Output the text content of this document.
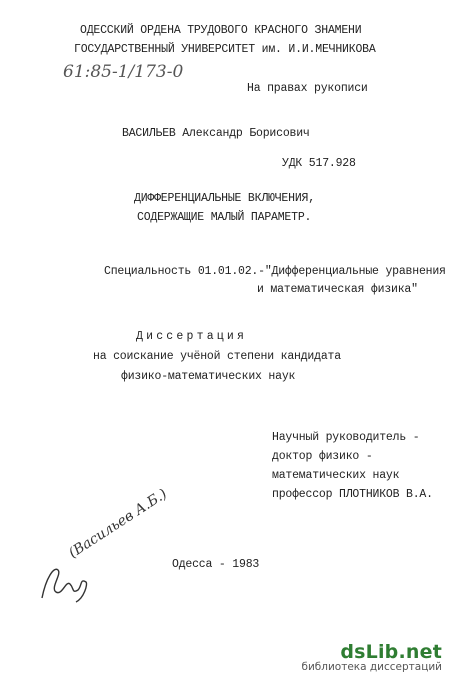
ОДЕССКИЙ ОРДЕНА ТРУДОВОГО КРАСНОГО ЗНАМЕНИ
ГОСУДАРСТВЕННЫЙ УНИВЕРСИТЕТ им. И.И.МЕЧНИКОВА
61:85-1/173-0
На правах рукописи
ВАСИЛЬЕВ Александр Борисович
УДК 517.928
ДИФФЕРЕНЦИАЛЬНЫЕ ВКЛЮЧЕНИЯ,
СОДЕРЖАЩИЕ МАЛЫЙ ПАРАМЕТР.
Специальность 01.01.02.-"Дифференциальные уравнения
и математическая физика"
Диссертация
на соискание учёной степени кандидата
физико-математических наук
Научный руководитель -
доктор физико -
математических наук
профессор ПЛОТНИКОВ В.А.
(Васильев А.Б.)
Одесса - 1983
dsLib.net
библиотека диссертаций
